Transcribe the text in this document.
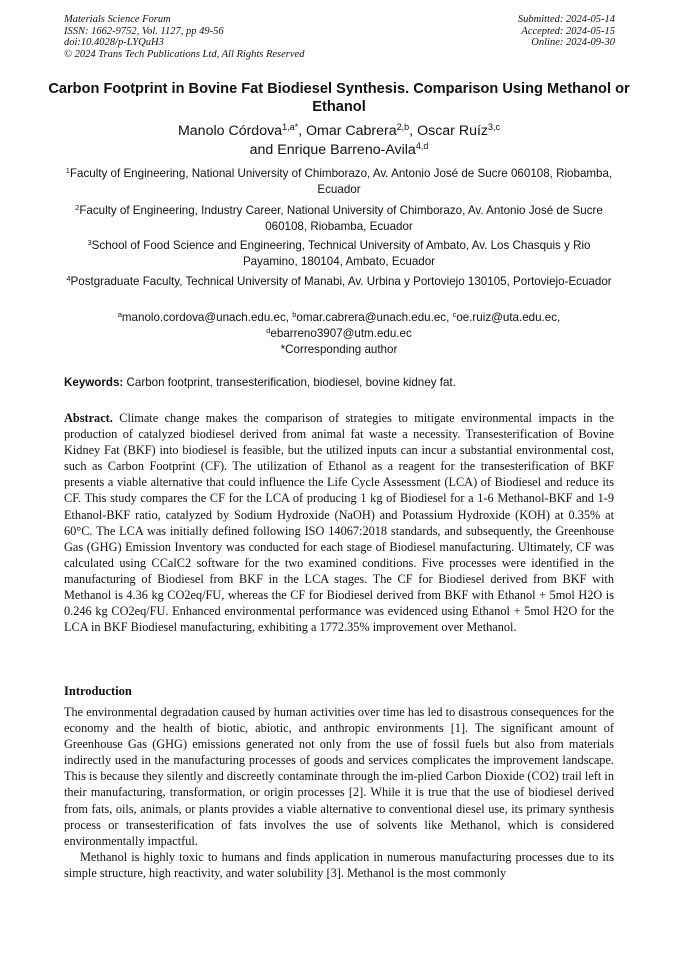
Materials Science Forum
ISSN: 1662-9752, Vol. 1127, pp 49-56
doi:10.4028/p-LYQuH3
© 2024 Trans Tech Publications Ltd, All Rights Reserved
Submitted: 2024-05-14
Accepted: 2024-05-15
Online: 2024-09-30
Carbon Footprint in Bovine Fat Biodiesel Synthesis. Comparison Using Methanol or Ethanol
Manolo Córdova$^{1,a*}$, Omar Cabrera$^{2,b}$, Oscar Ruíz$^{3,c}$
and Enrique Barreno-Avila$^{4,d}$
$^1$Faculty of Engineering, National University of Chimborazo, Av. Antonio José de Sucre 060108, Riobamba, Ecuador
$^2$Faculty of Engineering, Industry Career, National University of Chimborazo, Av. Antonio José de Sucre 060108, Riobamba, Ecuador
$^3$School of Food Science and Engineering, Technical University of Ambato, Av. Los Chasquis y Rio Payamino, 180104, Ambato, Ecuador
$^4$Postgraduate Faculty, Technical University of Manabi, Av. Urbina y Portoviejo 130105, Portoviejo-Ecuador
$^a$manolo.cordova@unach.edu.ec, $^b$omar.cabrera@unach.edu.ec, $^c$oe.ruiz@uta.edu.ec,
$^d$ebarreno3907@utm.edu.ec
*Corresponding author
Keywords: Carbon footprint, transesterification, biodiesel, bovine kidney fat.
Abstract. Climate change makes the comparison of strategies to mitigate environmental impacts in the production of catalyzed biodiesel derived from animal fat waste a necessity. Transesterification of Bovine Kidney Fat (BKF) into biodiesel is feasible, but the utilized inputs can incur a substantial environmental cost, such as Carbon Footprint (CF). The utilization of Ethanol as a reagent for the transesterification of BKF presents a viable alternative that could influence the Life Cycle Assessment (LCA) of Biodiesel and reduce its CF. This study compares the CF for the LCA of producing 1 kg of Biodiesel for a 1-6 Methanol-BKF and 1-9 Ethanol-BKF ratio, catalyzed by Sodium Hydroxide (NaOH) and Potassium Hydroxide (KOH) at 0.35% at 60°C. The LCA was initially defined following ISO 14067:2018 standards, and subsequently, the Greenhouse Gas (GHG) Emission Inventory was conducted for each stage of Biodiesel manufacturing. Ultimately, CF was calculated using CCalC2 software for the two examined conditions. Five processes were identified in the manufacturing of Biodiesel from BKF in the LCA stages. The CF for Biodiesel derived from BKF with Methanol is 4.36 kg CO2eq/FU, whereas the CF for Biodiesel derived from BKF with Ethanol + 5mol H2O is 0.246 kg CO2eq/FU. Enhanced environmental performance was evidenced using Ethanol + 5mol H2O for the LCA in BKF Biodiesel manufacturing, exhibiting a 1772.35% improvement over Methanol.
Introduction

The environmental degradation caused by human activities over time has led to disastrous consequences for the economy and the health of biotic, abiotic, and anthropic environments [1]. The significant amount of Greenhouse Gas (GHG) emissions generated not only from the use of fossil fuels but also from materials indirectly used in the manufacturing processes of goods and services complicates the improvement landscape. This is because they silently and discreetly contaminate through the im-plied Carbon Dioxide (CO2) trail left in their manufacturing, transformation, or origin processes [2]. While it is true that the use of biodiesel derived from fats, oils, animals, or plants provides a viable alternative to conventional diesel use, its primary synthesis process or transesterification of fats involves the use of solvents like Methanol, which is considered environmentally impactful.

Methanol is highly toxic to humans and finds application in numerous manufacturing processes due to its simple structure, high reactivity, and water solubility [3]. Methanol is the most commonly
